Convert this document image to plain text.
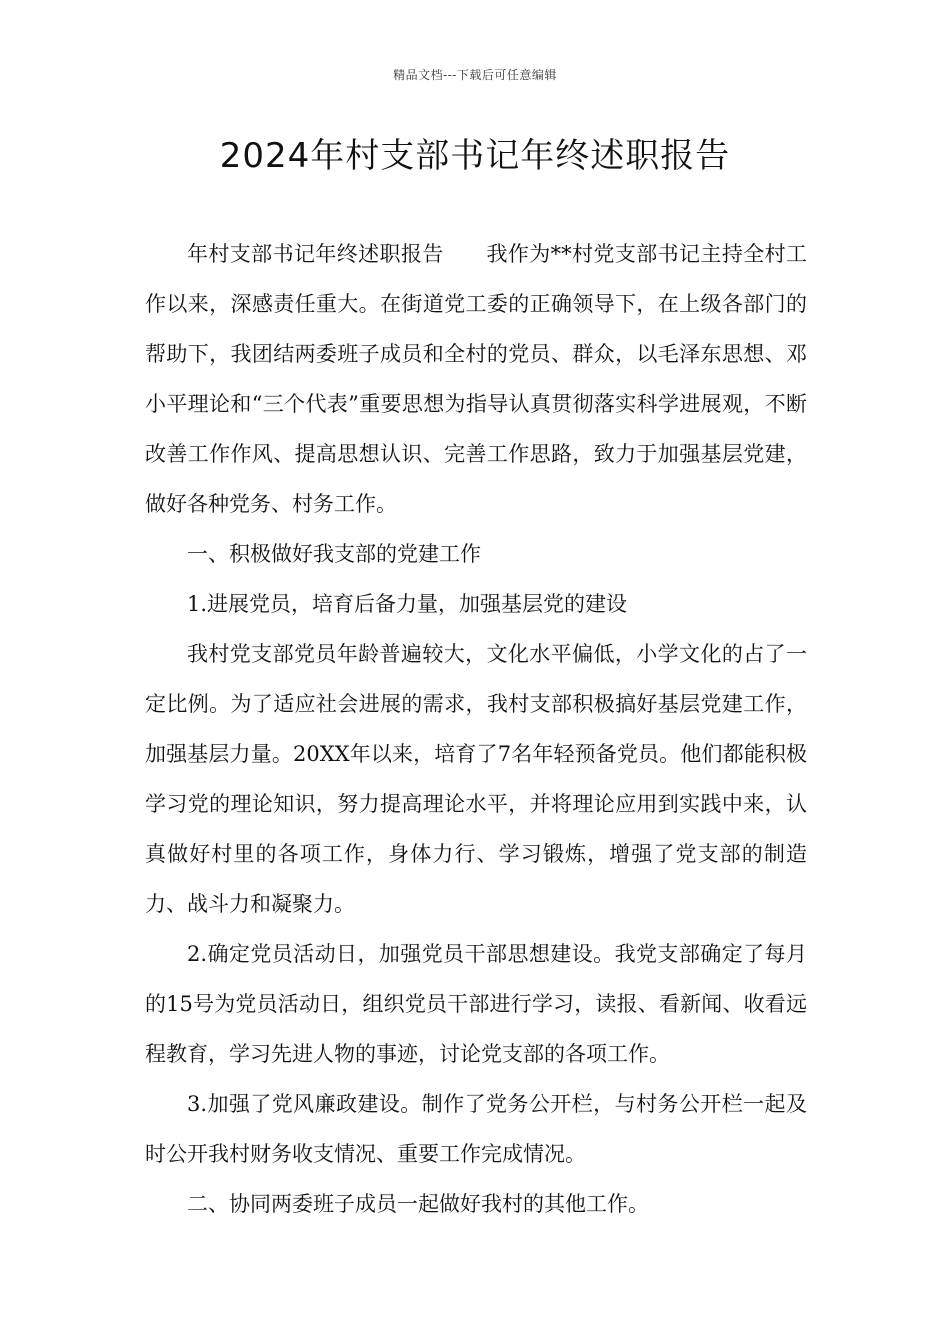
精品文档---下载后可任意编辑
2024年村支部书记年终述职报告

年村支部书记年终述职报告　　我作为**村党支部书记主持全村工作以来，深感责任重大。在街道党工委的正确领导下，在上级各部门的帮助下，我团结两委班子成员和全村的党员、群众，以毛泽东思想、邓小平理论和“三个代表”重要思想为指导认真贯彻落实科学进展观，不断改善工作作风、提高思想认识、完善工作思路，致力于加强基层党建，做好各种党务、村务工作。

一、积极做好我支部的党建工作

1.进展党员，培育后备力量，加强基层党的建设

我村党支部党员年龄普遍较大，文化水平偏低，小学文化的占了一定比例。为了适应社会进展的需求，我村支部积极搞好基层党建工作，加强基层力量。20XX年以来，培育了7名年轻预备党员。他们都能积极学习党的理论知识，努力提高理论水平，并将理论应用到实践中来，认真做好村里的各项工作，身体力行、学习锻炼，增强了党支部的制造力、战斗力和凝聚力。

2.确定党员活动日，加强党员干部思想建设。我党支部确定了每月的15号为党员活动日，组织党员干部进行学习，读报、看新闻、收看远程教育，学习先进人物的事迹，讨论党支部的各项工作。

3.加强了党风廉政建设。制作了党务公开栏，与村务公开栏一起及时公开我村财务收支情况、重要工作完成情况。

二、协同两委班子成员一起做好我村的其他工作。
